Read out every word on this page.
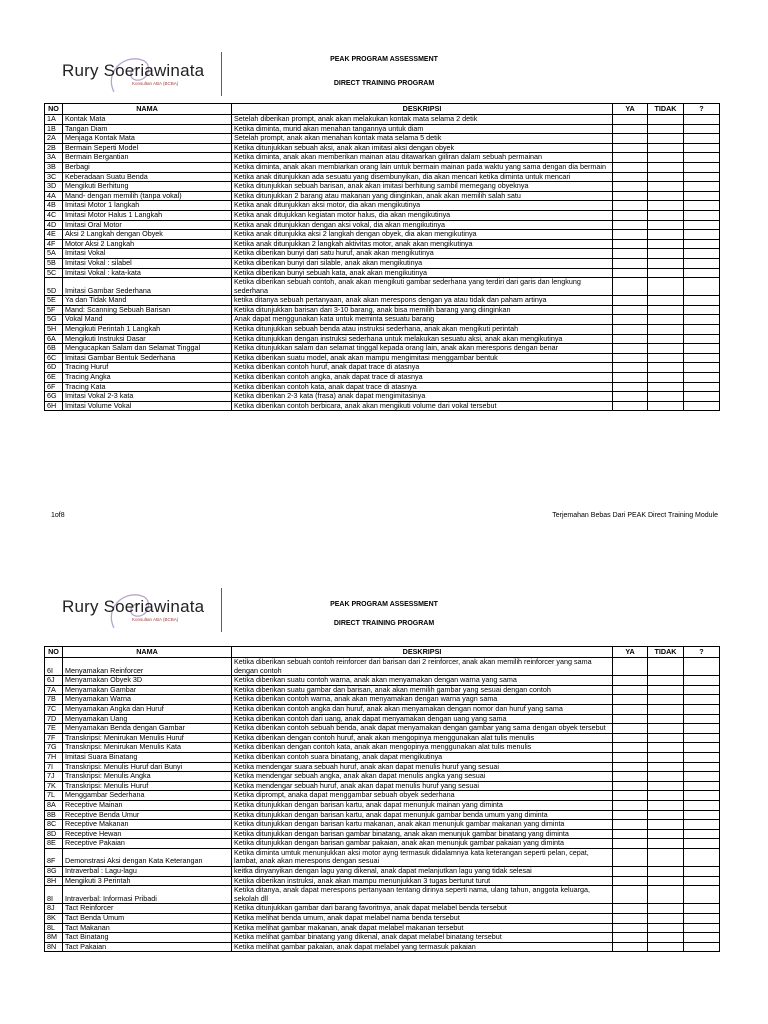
Rury Soeriawinata
Konsultan ABA (BCBA)
PEAK PROGRAM ASSESSMENT
DIRECT TRAINING PROGRAM
NO	NAMA	DESKRIPSI	YA	TIDAK	?
1A	Kontak Mata	Setelah diberikan prompt, anak akan melakukan kontak mata selama 2 detik			
1B	Tangan Diam	Ketika diminta, murid akan menahan tangannya untuk diam			
2A	Menjaga Kontak Mata	Setelah prompt, anak akan menahan kontak mata selama 5 detik			
2B	Bermain Seperti Model	Ketika ditunjukkan sebuah aksi, anak akan imitasi aksi dengan obyek			
3A	Bermain Bergantian	Ketika diminta, anak akan memberikan mainan atau ditawarkan giiliran dalam sebuah permainan			
3B	Berbagi	Ketika diminta, anak akan membiarkan orang lain untuk bermain mainan pada waktu yang sama dengan dia bermain			
3C	Keberadaan Suatu Benda	Ketika anak ditunjukkan ada sesuatu yang disembunyikan, dia akan mencari ketika diminta untuk mencari			
3D	Mengikuti Berhitung	Ketika ditunjukkan sebuah barisan, anak akan imitasi berhitung sambil memegang obyeknya			
4A	Mand- dengan memilih (tanpa vokal)	Ketika ditunjukkan 2 barang atau makanan yang diinginkan, anak akan memilih salah satu			
4B	Imitasi Motor 1 langkah	Ketika anak ditunjukkan aksi motor, dia akan mengikutinya			
4C	Imitasi Motor Halus 1 Langkah	Ketika anak ditujukkan kegiatan motor halus, dia akan mengikutinya			
4D	Imitasi Oral Motor	Ketika anak ditunjukkan dengan aksi vokal, dia akan mengikutinya			
4E	Aksi 2 Langkah dengan Obyek	Ketika anak ditunjukka aksi 2 langkah dengan obyek, dia akan mengikutinya			
4F	Motor Aksi 2 Langkah	Ketika anak ditunjukkan 2 langkah aktivitas motor, anak akan mengikutinya			
5A	Imitasi Vokal	Ketika diberikan bunyi dari satu huruf, anak akan mengikutinya			
5B	Imitasi Vokal : silabel	Ketika diberikan bunyi dari silable, anak akan mengikutinya			
5C	Imitasi Vokal : kata-kata	Ketika diberikan bunyi sebuah kata, anak akan mengikutinya			
5D	Imitasi Gambar Sederhana	Ketika diberikan sebuah contoh, anak akan mengikuti gambar sederhana yang terdiri dari garis dan lengkung sederhana			
5E	Ya dan Tidak Mand	ketika ditanya sebuah pertanyaan, anak akan merespons dengan ya atau tidak dan paham artinya			
5F	Mand: Scanning Sebuah Barisan	Ketika ditunjukkan barisan dari 3-10 barang, anak bisa memilih barang yang diinginkan			
5G	Vokal Mand	Anak dapat menggunakan kata untuk meminta sesuatu barang			
5H	Mengikuti Perintah 1 Langkah	Ketika ditunjukkan sebuah benda atau instruksi sederhana, anak akan mengikuti perintah			
6A	Mengikuti Instruksi Dasar	Ketika ditunjukkan dengan instruksi sederhana untuk melakukan sesuatu aksi, anak akan mengikutinya			
6B	Mengucapkan Salam dan Selamat Tinggal	Ketika ditunjukkan salam dan selamat tinggal kepada orang lain, anak akan merespons dengan benar			
6C	Imitasi Gambar Bentuk Sederhana	Ketika diberikan suatu model, anak akan mampu mengimitasi menggambar bentuk			
6D	Tracing Huruf	Ketika diberikan contoh huruf, anak dapat trace di atasnya			
6E	Tracing Angka	Ketika diberikan contoh angka, anak dapat trace di atasnya			
6F	Tracing Kata	Ketika diberikan contoh kata, anak dapat trace di atasnya			
6G	Imitasi Vokal 2-3 kata	Ketika diberikan 2-3 kata (frasa) anak dapat mengimitasinya			
6H	Imitasi Volume Vokal	Ketika diberikan contoh berbicara, anak akan mengikuti volume dari vokal tersebut			
1of8	Terjemahan Bebas Dari PEAK Direct Training Module
Rury Soeriawinata
Konsultan ABA (BCBA)
PEAK PROGRAM ASSESSMENT
DIRECT TRAINING PROGRAM
NO	NAMA	DESKRIPSI	YA	TIDAK	?
6I	Menyamakan Reinforcer	Ketika diberikan sebuah contoh reinforcer dari barisan dari 2 reinforcer, anak akan memilih reinforcer yang sama dengan contoh			
6J	Menyamakan Obyek 3D	Ketika diberikan suatu contoh warna, anak akan menyamakan dengan warna yang sama			
7A	Menyamakan Gambar	Ketika diberikan suatu gambar dan barisan, anak akan memilih gambar yang sesuai dengan contoh			
7B	Menyamakan Warna	Ketika diberikan contoh warna, anak akan menyamakan dengan warna yagn sama			
7C	Menyamakan Angka dan Huruf	Ketika diberikan contoh angka dan huruf, anak akan menyamakan dengan nomor dan huruf yang sama			
7D	Menyamakan Uang	Ketika diberikan contoh dari uang, anak dapat menyamakan dengan uang yang sama			
7E	Menyamakan Benda dengan Gambar	Ketika diberikan contoh sebuah benda, anak dapat menyamakan dengan gambar yang sama dengan obyek tersebut			
7F	Transkripsi: Menirukan Menulis Huruf	Ketika diberikan dengan contoh huruf, anak akan mengopinya menggunakan alat tulis menulis			
7G	Transkripsi: Menirukan Menulis Kata	Ketika diberikan dengan contoh kata, anak akan mengopinya menggunakan alat tulis menulis			
7H	Imitasi Suara Binatang	Ketika diberikan contoh suara binatang, anak dapat mengikutinya			
7I	Transkripsi: Menulis Huruf dari Bunyi	Ketika mendengar suara sebuah huruf, anak akan dapat menulis huruf yang sesuai			
7J	Transkripsi: Menulis Angka	Ketika mendengar sebuah angka, anak akan dapat menulis angka yang sesuai			
7K	Transkripsi: Menulis Huruf	Ketika mendengar sebuah huruf, anak akan dapat menulis huruf yang sesuai			
7L	Menggambar Sederhana	Ketika diprompt, anaka dapat menggambar sebuah obyek sederhana			
8A	Receptive Mainan	Ketika ditunjukkan dengan barisan kartu, anak dapat menunjuk mainan yang diminta			
8B	Receptive Benda Umur	Ketika ditunjukkan dengan barisan kartu, anak dapat menunjuk gambar benda umum yang diminta			
8C	Receptive Makanan	Ketika ditunjukkan dengan barisan kartu makanan, anak akan menunjuk gambar makanan yang diminta			
8D	Receptive Hewan	Ketika ditunjukkan dengan barisan gambar binatang, anak akan menunjuk gambar binatang yang diminta			
8E	Receptive Pakaian	Ketika ditunjukkan dengan barisan gambar pakaian, anak akan menunjuk gambar pakaian yang diminta			
8F	Demonstrasi Aksi dengan Kata Keterangan	Ketika diminta umtuk menunjukkan aksi motor ayng termasuk didalamnya kata keterangan seperti pelan, cepat, lambat, anak akan merespons dengan sesuai			
8G	Intraverbal : Lagu-lagu	keitka dinyanyikan dengan lagu yang dikenal, anak dapat melanjutkan lagu yang tidak selesai			
8H	Mengikuti 3 Perintah	Ketika diberikan instruksi, anak akan mampu menunjukkan 3 tugas berturut turut			
8I	Intraverbal: Informasi Pribadi	Ketika ditanya, anak dapat merespons pertanyaan tentang dirinya seperti nama, ulang tahun, anggota keluarga, sekolah dll			
8J	Tact Reinforcer	Ketika ditunjukkan gambar dari barang favoritnya, anak dapat melabel benda tersebut			
8K	Tact Benda Umum	Ketika melihat benda umum, anak dapat melabel nama benda tersebut			
8L	Tact Makanan	Ketika melihat gambar makanan, anak dapat melabel makanan tersebut			
8M	Tact Binatang	Ketika melihat gambar binatang yang dikenal, anak dapat melabel binatang tersebut			
8N	Tact Pakaian	Ketika melihat gambar pakaian, anak dapat melabel yang termasuk pakaian			
